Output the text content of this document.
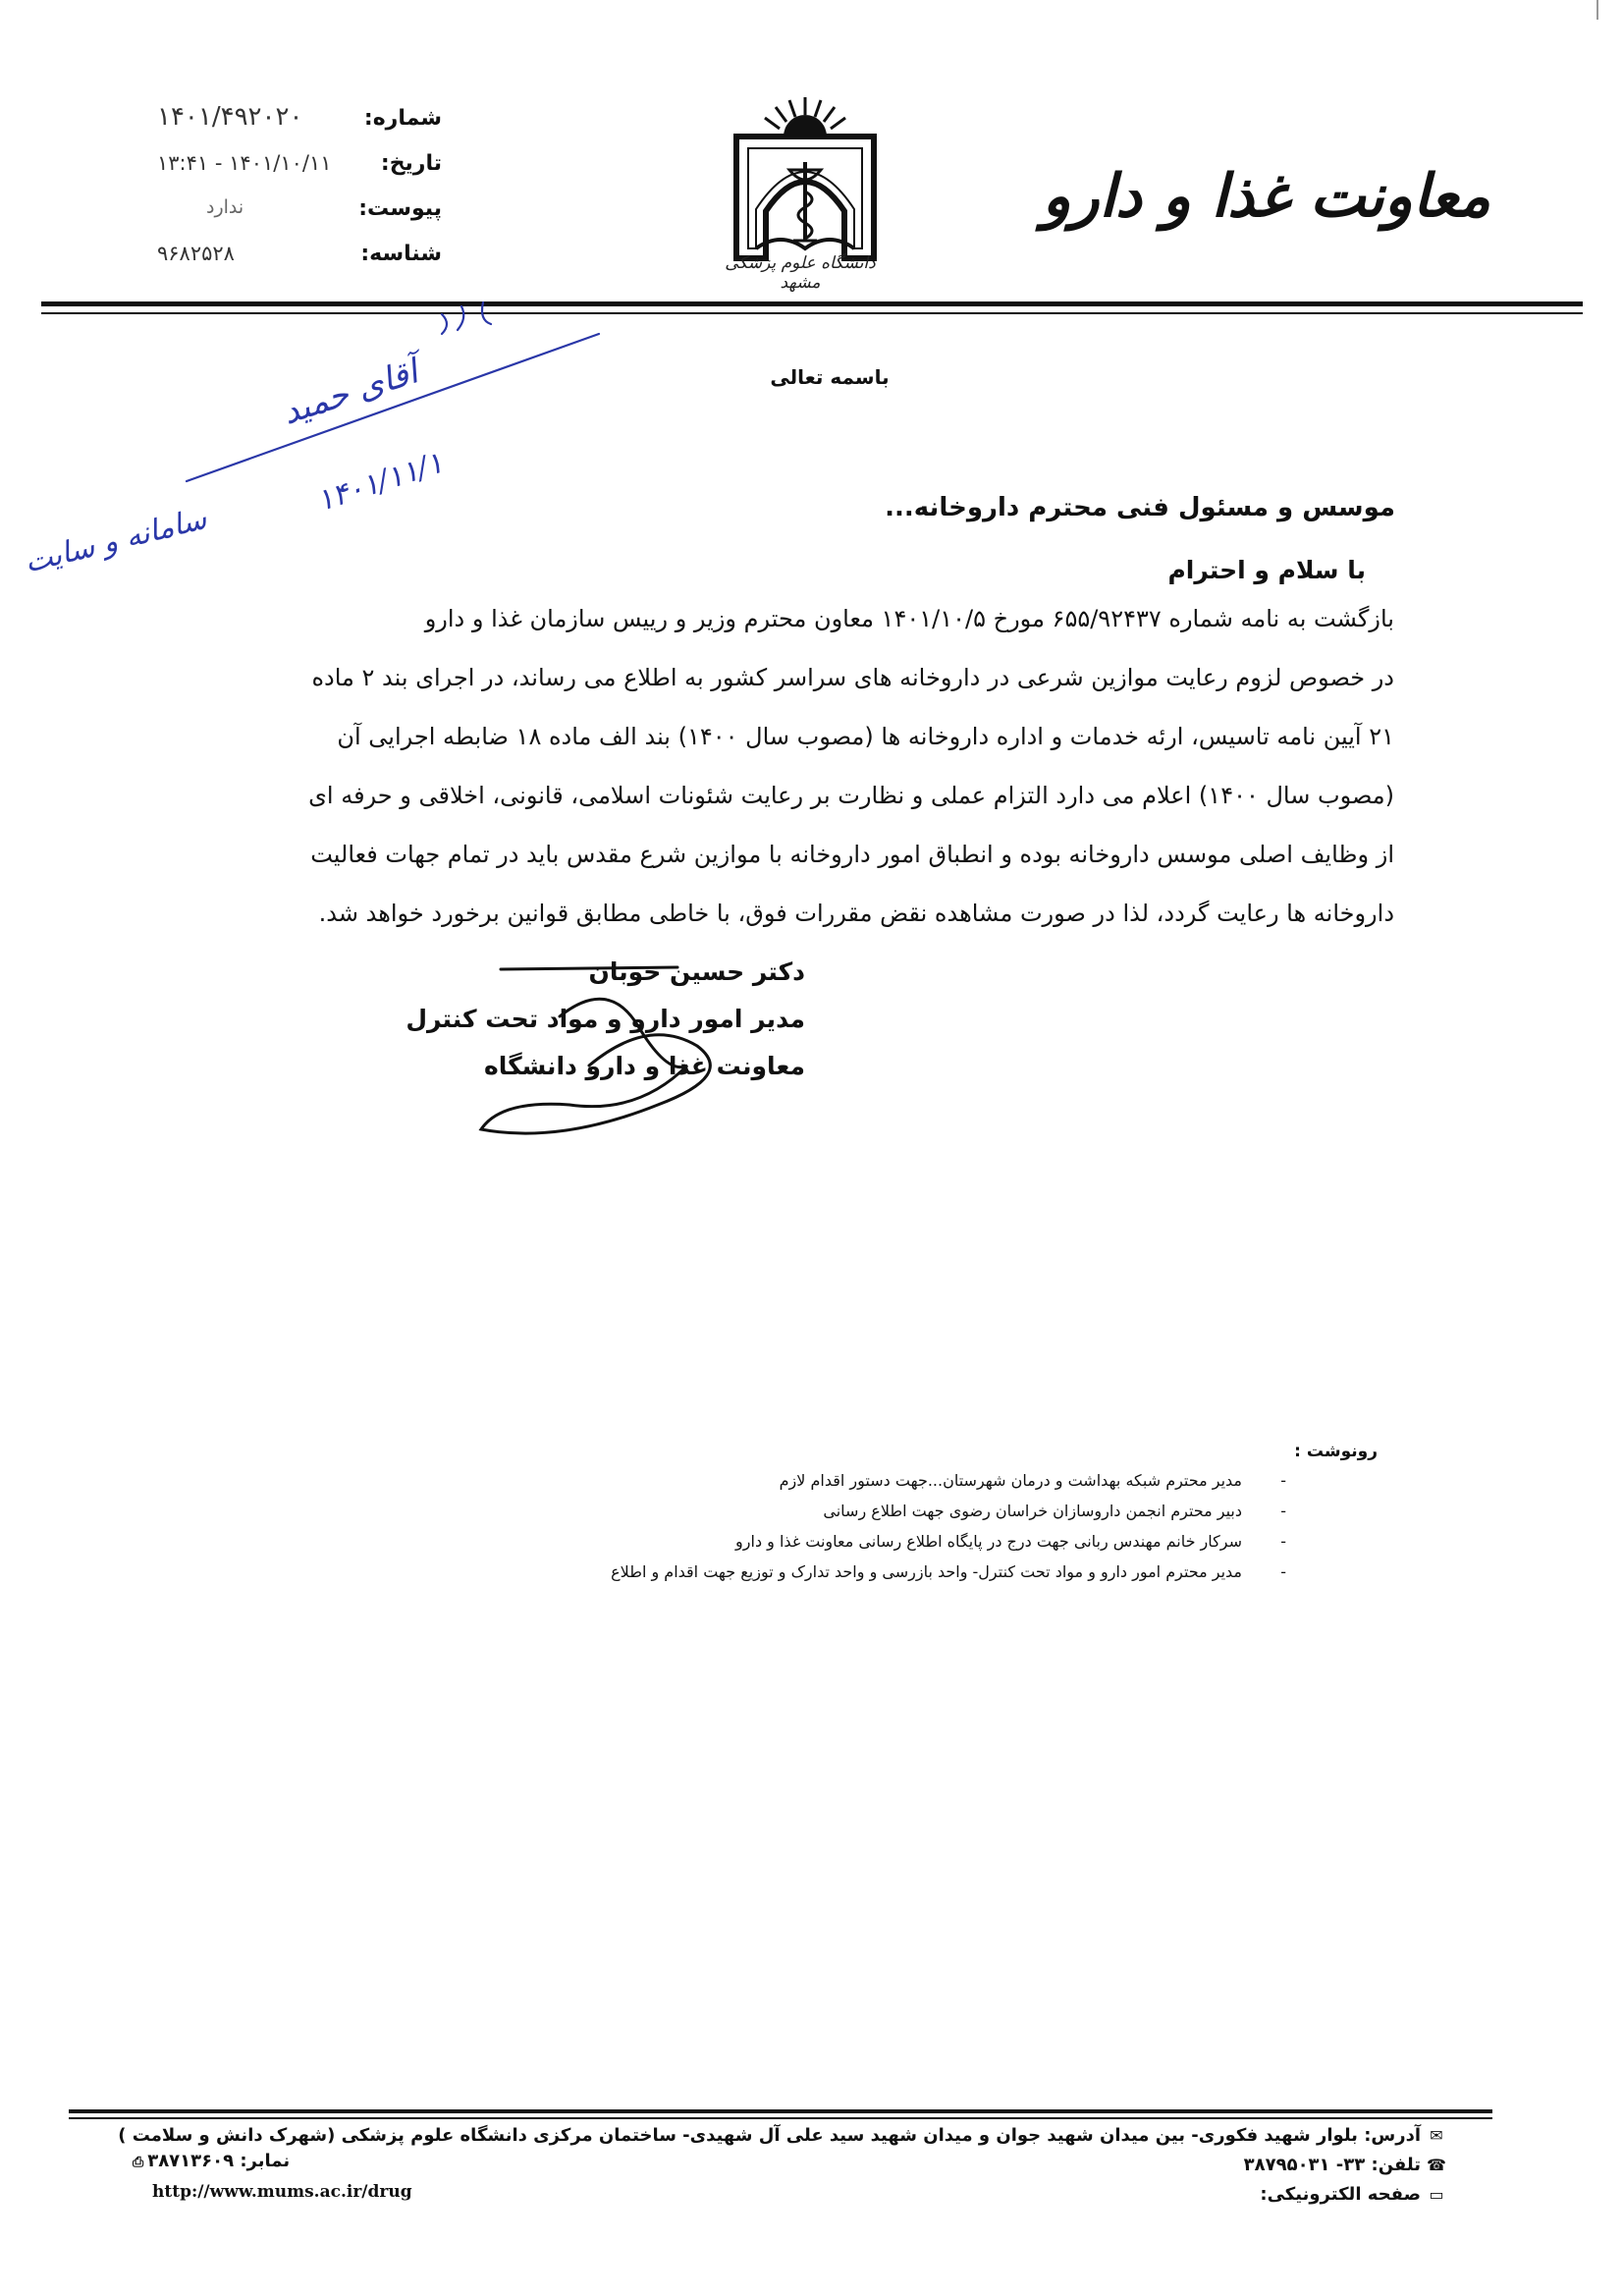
شماره:
۱۴۰۱/۴۹۲۰۲۰
تاریخ:
۱۴۰۱/۱۰/۱۱ - ۱۳:۴۱
پیوست:
ندارد
شناسه:
۹۶۸۲۵۲۸	دانشگاه علوم پزشکی مشهد
معاونت غذا و دارو
باسمه تعالی
آقای حمید
۱۴۰۱/۱۱/۱
سامانه و سایت	موسس و مسئول فنی محترم داروخانه...
با سلام و احترام
بازگشت به نامه شماره ۶۵۵/۹۲۴۳۷ مورخ ۱۴۰۱/۱۰/۵ معاون محترم وزیر و رییس سازمان غذا و دارو
در خصوص لزوم رعایت موازین شرعی در داروخانه های سراسر کشور به اطلاع می رساند، در اجرای بند ۲ ماده
۲۱ آیین نامه تاسیس، ارئه خدمات و اداره داروخانه ها (مصوب سال ۱۴۰۰) بند الف ماده ۱۸ ضابطه اجرایی آن
(مصوب سال ۱۴۰۰) اعلام می دارد التزام عملی و نظارت بر رعایت شئونات اسلامی، قانونی، اخلاقی و حرفه ای
از وظایف اصلی موسس داروخانه بوده و انطباق امور داروخانه با موازین شرع مقدس باید در تمام جهات فعالیت
داروخانه ها رعایت گردد، لذا در صورت مشاهده نقض مقررات فوق، با خاطی مطابق قوانین برخورد خواهد شد.
دکتر حسین خوبان
مدیر امور دارو و مواد تحت کنترل
معاونت غذا و دارو دانشگاه
رونوشت :
-
مدیر محترم شبکه بهداشت و درمان شهرستان...جهت دستور اقدام لازم
-
دبیر محترم انجمن داروسازان خراسان رضوی جهت اطلاع رسانی
-
سرکار خانم مهندس ربانی جهت درج در پایگاه اطلاع رسانی معاونت غذا و دارو
-
مدیر محترم امور دارو و مواد تحت کنترل- واحد بازرسی و واحد تدارک و توزیع جهت اقدام و اطلاع
✉آدرس: بلوار شهید فکوری- بین میدان شهید جوان و میدان شهید سید علی آل شهیدی- ساختمان مرکزی دانشگاه علوم پزشکی (شهرک دانش و سلامت )
☎تلفن: ۳۳- ۳۸۷۹۵۰۳۱
▭صفحه الکترونیکی:
نمابر: ۳۸۷۱۳۶۰۹⎙
http://www.mums.ac.ir/drug
